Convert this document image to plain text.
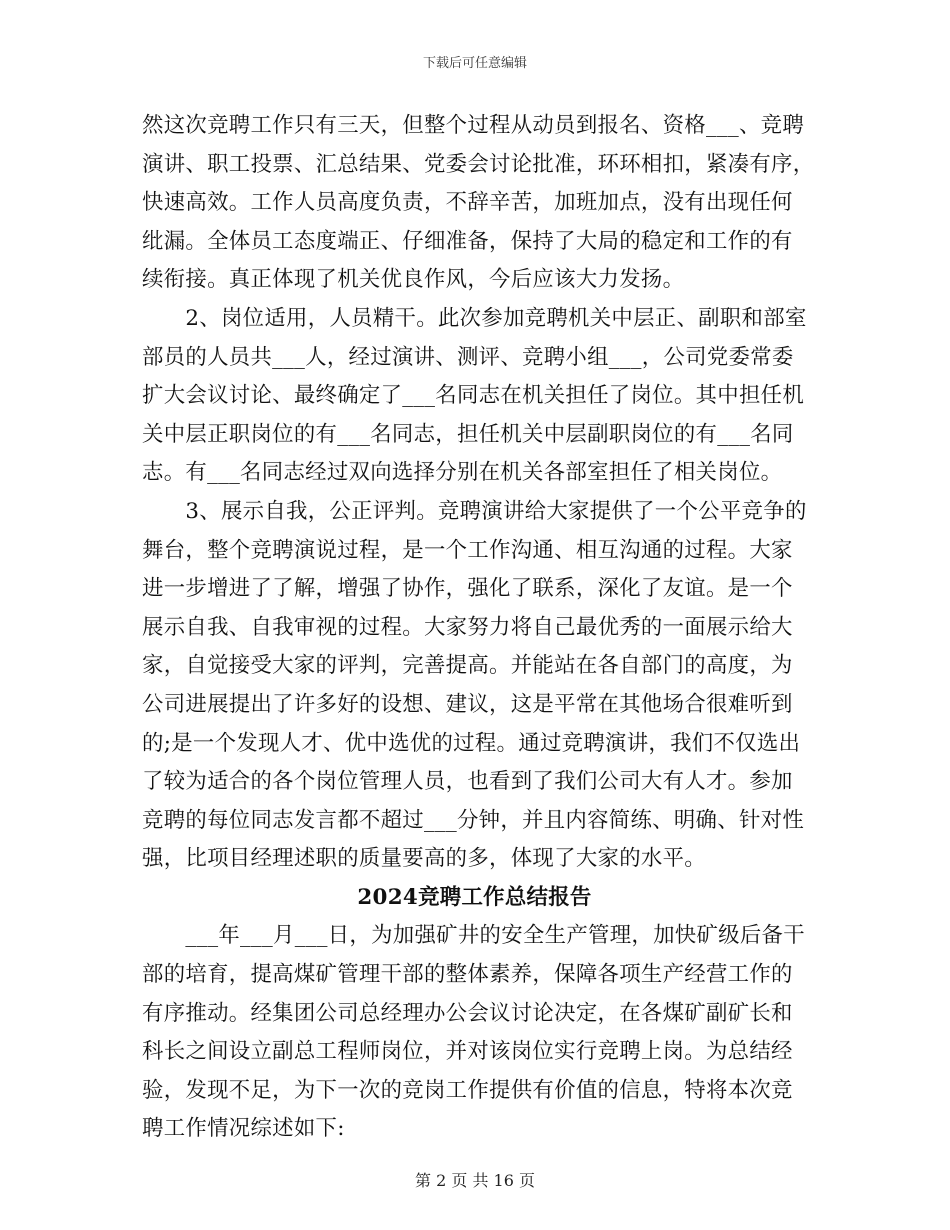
下载后可任意编辑
然这次竞聘工作只有三天，但整个过程从动员到报名、资格___、竞聘
演讲、职工投票、汇总结果、党委会讨论批准，环环相扣，紧凑有序，
快速高效。工作人员高度负责，不辞辛苦，加班加点，没有出现任何
纰漏。全体员工态度端正、仔细准备，保持了大局的稳定和工作的有
续衔接。真正体现了机关优良作风，今后应该大力发扬。
　　2、岗位适用，人员精干。此次参加竞聘机关中层正、副职和部室
部员的人员共___人，经过演讲、测评、竞聘小组___，公司党委常委
扩大会议讨论、最终确定了___名同志在机关担任了岗位。其中担任机
关中层正职岗位的有___名同志，担任机关中层副职岗位的有___名同
志。有___名同志经过双向选择分别在机关各部室担任了相关岗位。
　　3、展示自我，公正评判。竞聘演讲给大家提供了一个公平竞争的
舞台，整个竞聘演说过程，是一个工作沟通、相互沟通的过程。大家
进一步增进了了解，增强了协作，强化了联系，深化了友谊。是一个
展示自我、自我审视的过程。大家努力将自己最优秀的一面展示给大
家，自觉接受大家的评判，完善提高。并能站在各自部门的高度，为
公司进展提出了许多好的设想、建议，这是平常在其他场合很难听到
的;是一个发现人才、优中选优的过程。通过竞聘演讲，我们不仅选出
了较为适合的各个岗位管理人员，也看到了我们公司大有人才。参加
竞聘的每位同志发言都不超过___分钟，并且内容简练、明确、针对性
强，比项目经理述职的质量要高的多，体现了大家的水平。
2024竞聘工作总结报告
　　___年___月___日，为加强矿井的安全生产管理，加快矿级后备干
部的培育，提高煤矿管理干部的整体素养，保障各项生产经营工作的
有序推动。经集团公司总经理办公会议讨论决定，在各煤矿副矿长和
科长之间设立副总工程师岗位，并对该岗位实行竞聘上岗。为总结经
验，发现不足，为下一次的竞岗工作提供有价值的信息，特将本次竞
聘工作情况综述如下:
第 2 页 共 16 页
